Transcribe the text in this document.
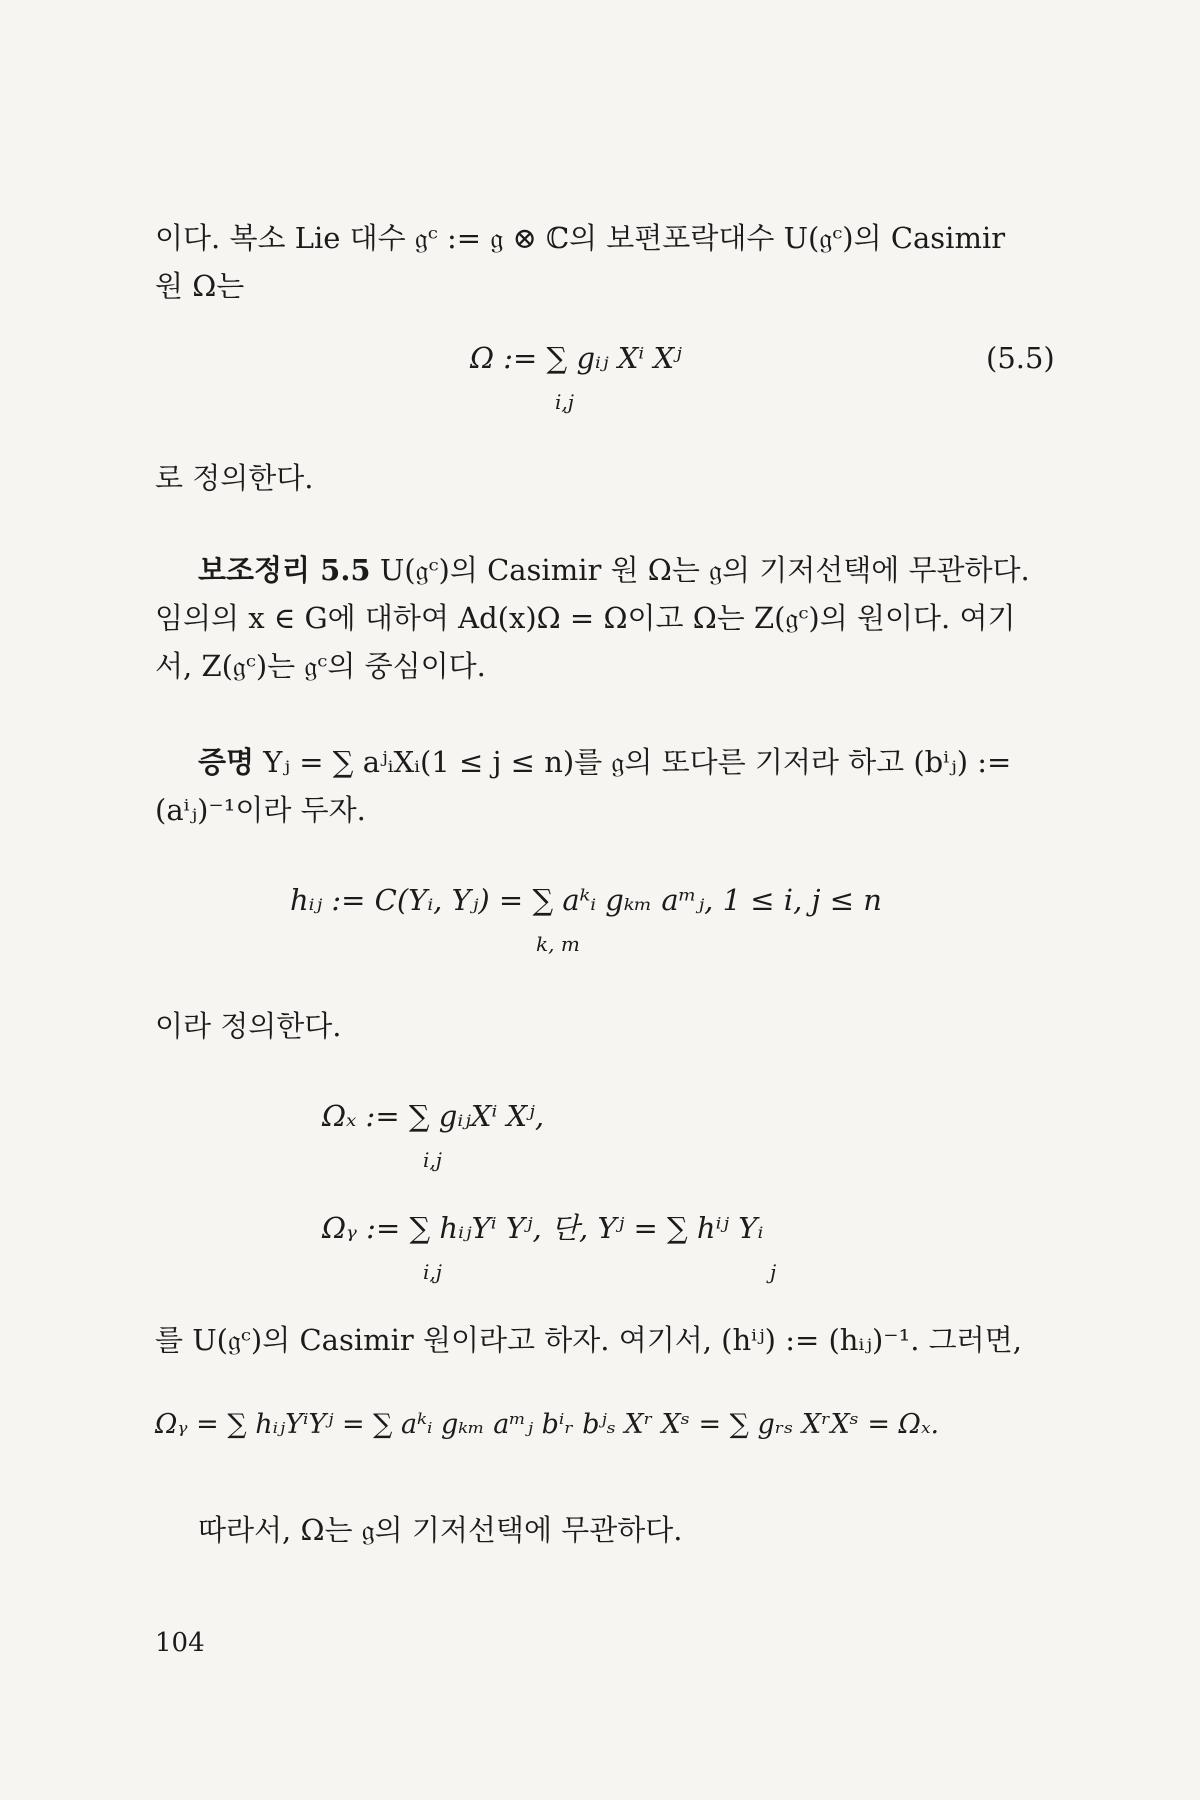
이다. 복소 Lie 대수 𝔤ᶜ := 𝔤 ⊗ ℂ의 보편포락대수 U(𝔤ᶜ)의 Casimir
원 Ω는
Ω := ∑ gᵢⱼ Xⁱ Xʲ
i,j
(5.5)
로 정의한다.
보조정리 5.5 U(𝔤ᶜ)의 Casimir 원 Ω는 𝔤의 기저선택에 무관하다.
임의의 x ∈ G에 대하여 Ad(x)Ω = Ω이고 Ω는 Z(𝔤ᶜ)의 원이다. 여기
서, Z(𝔤ᶜ)는 𝔤ᶜ의 중심이다.
증명 Yⱼ = ∑ aʲᵢXᵢ(1 ≤ j ≤ n)를 𝔤의 또다른 기저라 하고 (bⁱⱼ) :=
(aⁱⱼ)⁻¹이라 두자.
hᵢⱼ := C(Yᵢ, Yⱼ) = ∑ aᵏᵢ gₖₘ aᵐⱼ, 1 ≤ i, j ≤ n
k, m
이라 정의한다.
Ωₓ := ∑ gᵢⱼXⁱ Xʲ,
i,j
Ωᵧ := ∑ hᵢⱼYⁱ Yʲ, 단, Yʲ = ∑ hⁱʲ Yᵢ
i,j	j
를 U(𝔤ᶜ)의 Casimir 원이라고 하자. 여기서, (hⁱʲ) := (hᵢⱼ)⁻¹. 그러면,
Ωᵧ = ∑ hᵢⱼYⁱYʲ = ∑ aᵏᵢ gₖₘ aᵐⱼ bⁱᵣ bʲₛ Xʳ Xˢ = ∑ gᵣₛ XʳXˢ = Ωₓ.
따라서, Ω는 𝔤의 기저선택에 무관하다.
104
